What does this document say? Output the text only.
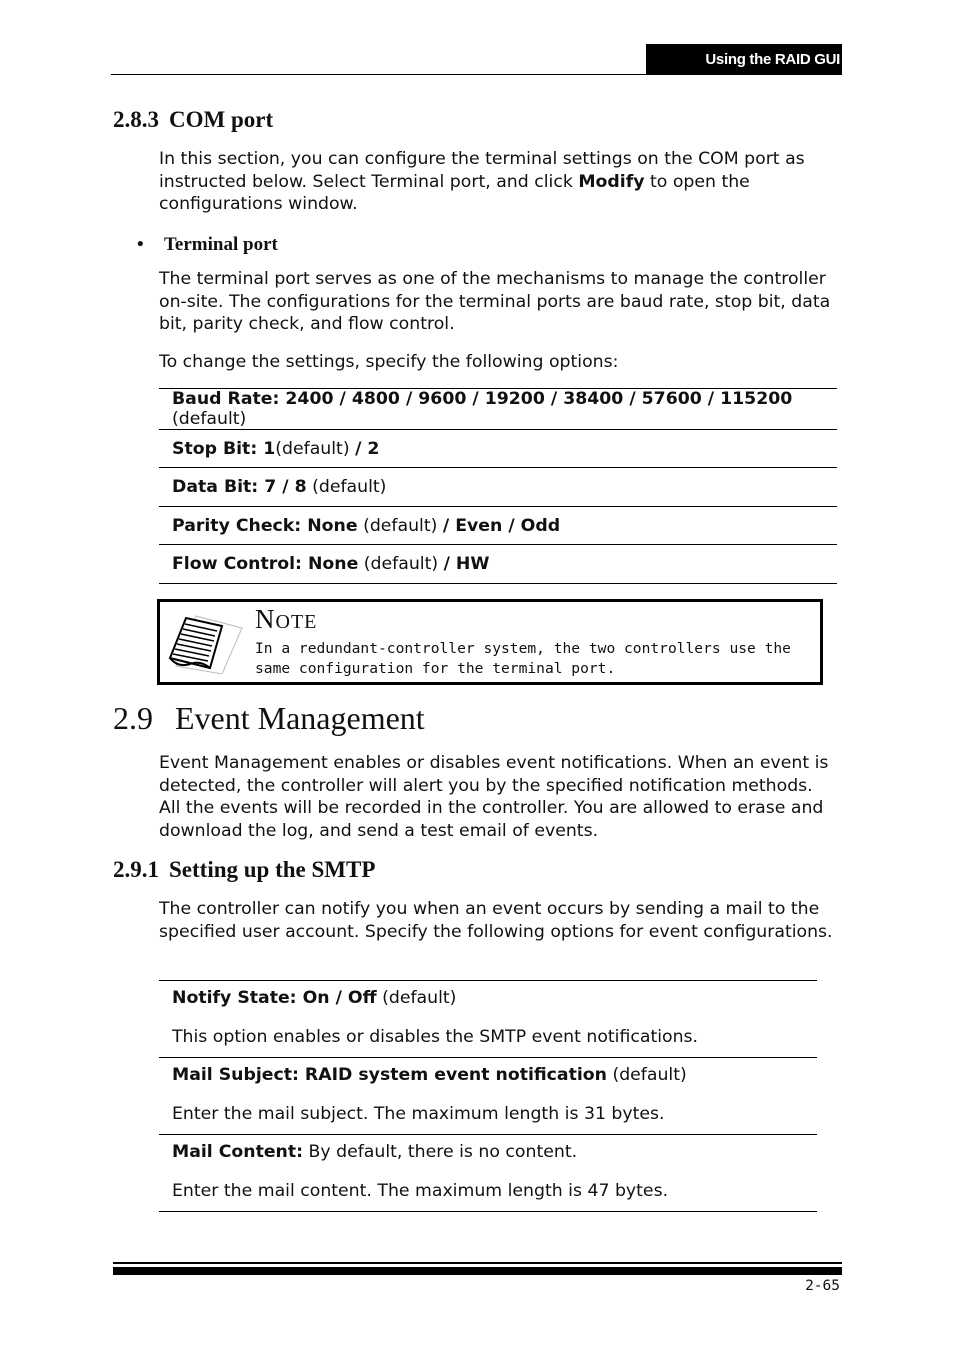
Using the RAID GUI
2.8.3 COM port
In this section, you can configure the terminal settings on the COM port as instructed below. Select Terminal port, and click Modify to open the configurations window.
• Terminal port
The terminal port serves as one of the mechanisms to manage the controller on-site. The configurations for the terminal ports are baud rate, stop bit, data bit, parity check, and flow control.
To change the settings, specify the following options:
Baud Rate: 2400 / 4800 / 9600 / 19200 / 38400 / 57600 / 115200 (default)
Stop Bit: 1(default) / 2
Data Bit: 7 / 8 (default)
Parity Check: None (default) / Even / Odd
Flow Control: None (default) / HW
NOTE
In a redundant-controller system, the two controllers use the same configuration for the terminal port.
2.9 Event Management
Event Management enables or disables event notifications. When an event is detected, the controller will alert you by the specified notification methods. All the events will be recorded in the controller. You are allowed to erase and download the log, and send a test email of events.
2.9.1 Setting up the SMTP
The controller can notify you when an event occurs by sending a mail to the specified user account. Specify the following options for event configurations.
Notify State: On / Off (default)
This option enables or disables the SMTP event notifications.

Mail Subject: RAID system event notification (default)
Enter the mail subject. The maximum length is 31 bytes.

Mail Content: By default, there is no content.
Enter the mail content. The maximum length is 47 bytes.
2-65
